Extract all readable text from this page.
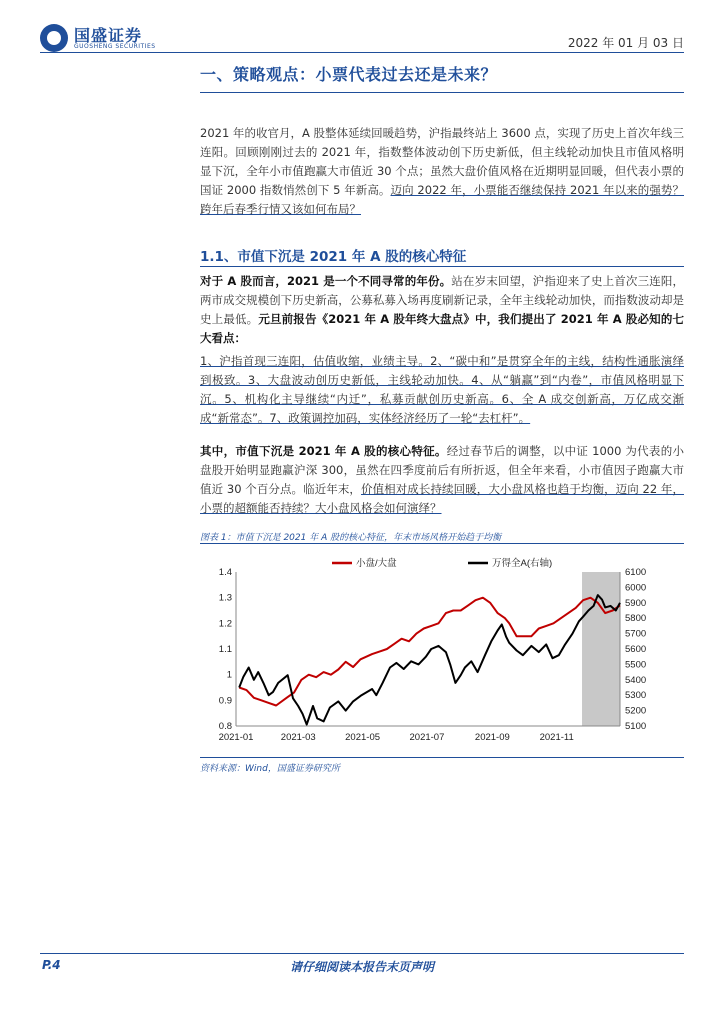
国盛证券
GUOSHENG SECURITIES	2022 年 01 月 03 日
一、策略观点：小票代表过去还是未来？
2021 年的收官月，A 股整体延续回暖趋势，沪指最终站上 3600 点，实现了历史上首次年线三连阳。回顾刚刚过去的 2021 年，指数整体波动创下历史新低，但主线轮动加快且市值风格明显下沉，全年小市值跑赢大市值近 30 个点；虽然大盘价值风格在近期明显回暖，但代表小票的国证 2000 指数悄然创下 5 年新高。迈向 2022 年，小票能否继续保持 2021 年以来的强势？跨年后春季行情又该如何布局？
1.1、市值下沉是 2021 年 A 股的核心特征
对于 A 股而言，2021 是一个不同寻常的年份。站在岁末回望，沪指迎来了史上首次三连阳，两市成交规模创下历史新高，公募私募入场再度刷新记录，全年主线轮动加快，而指数波动却是史上最低。元旦前报告《2021 年 A 股年终大盘点》中，我们提出了 2021 年 A 股必知的七大看点：
1、沪指首现三连阳，估值收缩，业绩主导。2、“碳中和”是贯穿全年的主线，结构性通胀演绎到极致。3、大盘波动创历史新低，主线轮动加快。4、从“躺赢”到“内卷”，市值风格明显下沉。5、机构化主导继续“内迁”，私募贡献创历史新高。6、全 A 成交创新高，万亿成交渐成“新常态”。7、政策调控加码，实体经济经历了一轮“去杠杆”。
其中，市值下沉是 2021 年 A 股的核心特征。经过春节后的调整，以中证 1000 为代表的小盘股开始明显跑赢沪深 300，虽然在四季度前后有所折返，但全年来看，小市值因子跑赢大市值近 30 个百分点。临近年末，价值相对成长持续回暖，大小盘风格也趋于均衡，迈向 22 年，小票的超额能否持续？大小盘风格会如何演绎？
图表 1：市值下沉是 2021 年 A 股的核心特征，年末市场风格开始趋于均衡
0.8
0.9
1
1.1
1.2
1.3
1.4
5100
5200
5300
5400
5500
5600
5700
5800
5900
6000
6100
2021-01	2021-03	2021-05	2021-07	2021-09	2021-11
小盘/大盘	万得全A(右轴)
资料来源：Wind，国盛证券研究所
P.4	请仔细阅读本报告末页声明
